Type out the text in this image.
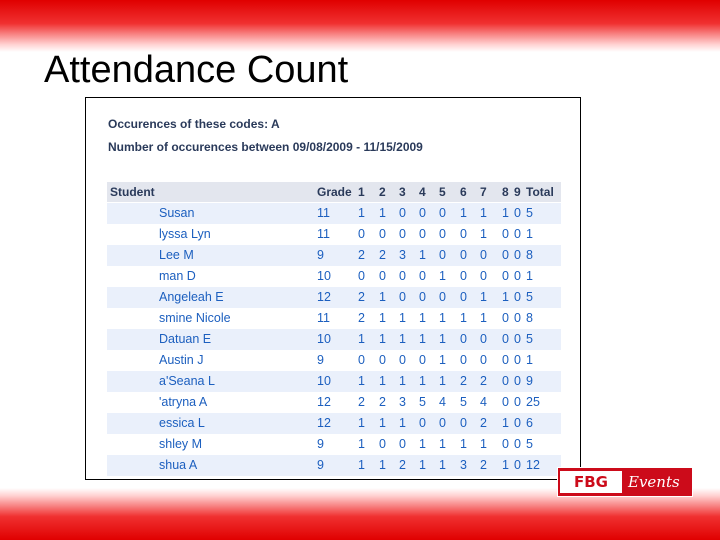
Attendance Count
Occurences of these codes: A
Number of occurences between 09/08/2009 - 11/15/2009
Student	Grade 1 2 3 4 5 6 7 8 9 Total
Susan	11 1 1 0 0 0 1 1 1 0 5
lyssa Lyn	11 0 0 0 0 0 0 1 0 0 1
Lee M	9	2 2 3 1 0 0 0 0 0 8
man D	10 0 0 0 0 1 0 0 0 0 1
Angeleah E	12 2 1 0 0 0 0 1 1 0 5
smine Nicole	11 2 1 1 1 1 1 1 0 0 8
Datuan E	10 1 1 1 1 1 0 0 0 0 5
Austin J	9	0 0 0 0 1 0 0 0 0 1
a'Seana L	10 1 1 1 1 1 2 2 0 0 9
'atryna A	12 2 2 3 5 4 5 4 0 0 25
essica L	12 1 1 1 0 0 0 2 1 0 6
shley M	9	1 0 0 1 1 1 1 0 0 5
shua A	9	1 1 2 1 1 3 2 1 0 12
FBG	Events
